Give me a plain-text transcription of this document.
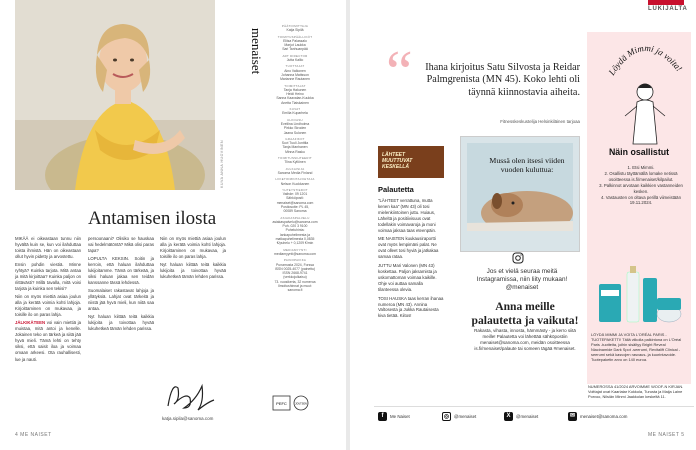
KUVA ANNA HUOVINEN
Antamisen ilosta

MIKÄÄ ei oikeastaan tunnu niin hyvältä kuin se, kun voi ilahduttaa toista ihmistä. Hän on oikeastaan ollut hyvin pidetty ja arvostettu.

Ensin pohdin viestiä. Minne ryhtyä? Kuinka tarjota. Mitä antaa ja mitä kirjoittaa? Kuinka paljon on riittävästi? Millä tavalla, mitä voisi tarjota ja kuinka sen tekisi?

Niin on myös miettiä asiaa joulun alla ja kerätä voimia kohti lahjoja. Kirjoittaminen on mukavaa, ja toisille ilo on paras lahja.

JÄLKIKÄTEEN voi vain miettiä ja muistaa, mitä antoi ja kenelle. Jokainen teko on tärkeä ja siitä jää hyvä mieli. Tämä lehti on tehty siksi, että saisit iloa ja voimaa omaan arkeesi. Ota rauhallisesti, lue ja nauti.

persoonaani? Olisiko se hauskaa vai hedelmätöntä? Mikä olisi paras tapa?

LOPULTA KEKSIN. Soitin ja kerroin, että haluan ilahduttaa lukijoitamme. Tämä on tärkeää, ja siksi haluan jakaa sen teidän kanssanne tässä lehdessä.

Suomalaiset rakastavat lahjoja ja yllätyksiä. Lahjat ovat tärkeitä ja niistä jää hyvä mieli, kun niitä saa antaa.

Nyt haluan kiittää teitä kaikkia lukijoita ja toivottaa hyvää lukuhetkeä tämän lehden parissa.

Niin on myös miettiä asiaa joulun alla ja kerätä voimia kohti lahjoja. Kirjoittaminen on mukavaa, ja toisille ilo on paras lahja.

Nyt haluan kiittää teitä kaikkia lukijoita ja toivottaa hyvää lukuhetkeä tämän lehden parissa.

katja.sipila@sanoma.com
menaiset
PÄÄTOIMITTAJA
Katja Sipilä
TOIMITUSPÄÄLLIKÖT
Eliisa Palassalo
Marjut Laukka
Sari Tanhuanpää
ART DIRECTOR
Jutta Kallio
TUOTTAJAT
Aino Valkonen
Johanna Mattsson
Marianne Rautanen
TOIMITTAJAT
Tanja Hakunen
Heidi Heino
Sanna Kaavalan-Kuukka
Anetta Tiaiskainen
KUVAT
Emilia Kuparhela
ULKOASU
Eveliina Lindholma
Pirkko Stroden
Jaana Sulonen
GRAAFIKOT
Suvi Tuuli Junttila
Tanja Manhanen
Minna Rasku
TOIMITUSSIHTEERIT
Tiina Kyllönen
JULKAISIJA
Sanoma Media Finland
LIIKETOIMINTAJOHTAJA
Nelson Kuokkanen
YHTEYSTIEDOT
Vaihde: 09 1201
Sähköposti:
menaiset@sanoma.com
Postiosoite: PL 45,
00089 Sanoma
ASIAKASPALVELU
asiakaspalvelu@sanoma.com
Puh. 020 3 9100
Puheluhinta:
lankapuhelimesta ja
matkapuhelimesta 0,0835
€/puhelu + 0,1209 €/min
MEDIAMYYNTI
mediamyynti@sanoma.com
PAINOPAIKKA
Punamusta 2024, Forssa
ISSN 0025-4077 (painettu)
ISSN 2668-9741
(verkkojulkaisu)
73. vuosikerta, 32 numeroa
Ilmoitushinnat ja muut:
sanoma.fi
PEFC	JOUTSEN
4 ME NAISET
LUKIJALTA
“	Ihana kirjoitus Satu Silvosta ja Reidar Palmgrenista (MN 45). Koko lehti oli täynnä kiinnostavia aiheita.
Fitnesskeskustelija Helsinkiläinen tarjoaa
LÄHTEET
MUUTTUVAT
KESKELLÄ
Palautetta

"LÄHTEET verrattuna, mutta kenen kaa" (MN 43) oli tosi mielenkiintoinen juttu. Huiaus, Läheltä ja positiivisuus ovat todellakin voimavaroja ja moni voimaa jaksaa taas eteenpäin.

ME NAISTEN kuukausiraportti ovat myös lempimäni palat. Ne ovat olleet tosi hyviä ja jatkakaa samaa rataa.

JUTTU Mari Valonen (MN 43) koskettaa. Paljon jaksamista ja uskomattoman voimaa kaikille. Ohje voi auttaa samalla tilanteessa olevia.

TOSI HAUSKA taas kerran ihanaa numeroa (MN 43). Annina Valtosesta ja Jukka Rautaisesta kiva tietää. Kiitos!

Mussä olen itsesi viiden vuoden kuluttua:
Jos et vielä seuraa meitä Instagramissa, niin liity mukaan! @menaiset
Anna meille palautetta ja vaikuta!
Rakasta, vihasta, innosta, hämmästy - ja kerro siitä meille! Palautetta voi lähettää sähköpostiin menaiset@sanoma.com, meidän osoitteessa is.fi/menaiset/palaute tai someen tägää #menaiset.
Löydä Mimmi ja voita!
Näin osallistut
1. Etsi Mimmi.
2. Osallistu täyttämällä lomake netissä osoitteessa is.fi/menaiset/kilpailut.
3. Palkinnot arvotaan kaikkien vastanneiden kesken.
4. Vastausten on oltava perillä viimeistään 19.11.2024.
LÖYDÄ MIMMI JA VOITA L'ORÉAL PARIS -TUOTEPAKETTI! Tällä viikolla palkintona on L'Oréal Paris -tuotteita, joihin sisältyy Bright Reveal Niacinamide Dark Spot -seerumi, Revitalift Clinical -seerumi sekä kasvojen rasvaus- ja kuorintavoide. Tuotepaketin arvo on 140 euroa.
NUMEROSSA 41/2024 ARVOIMME WOOF-N KIRJAN. Voittajat ovat Kaarlatar Kokkola, Turusta ja Maija Laine Porvoo, Nilsiän Minmi Jaakkolan keskeltä 11.
f	Me Naiset	◎	@menaiset	X	@menaiset	✉	menaiset@sanoma.com
ME NAISET 5
